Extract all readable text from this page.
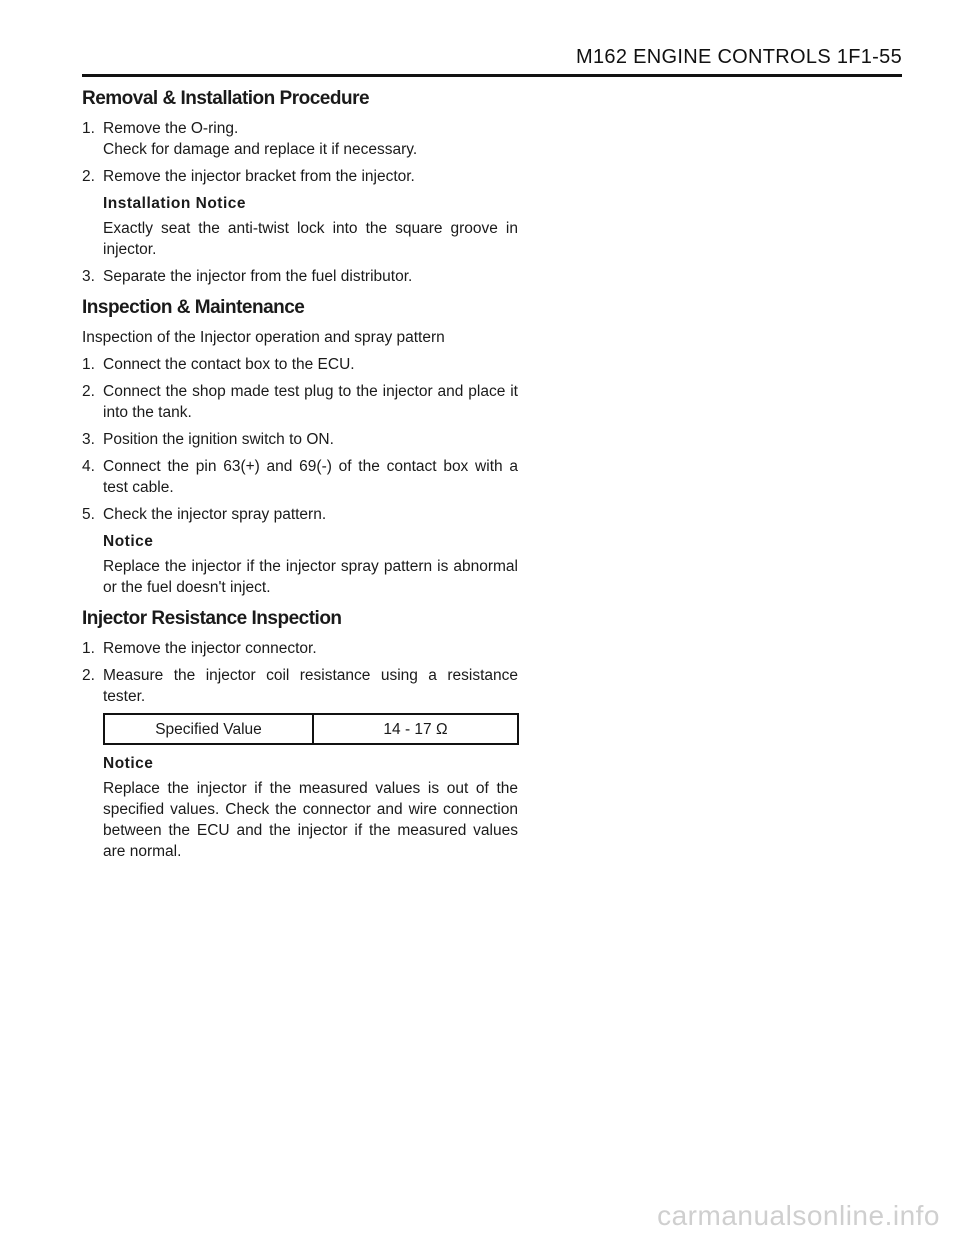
M162 ENGINE CONTROLS 1F1-55
Removal & Installation Procedure
1. Remove the O-ring.
Check for damage and replace it if necessary.
2. Remove the injector bracket from the injector.
Installation Notice
Exactly seat the anti-twist lock into the square groove in injector.
3. Separate the injector from the fuel distributor.
Inspection & Maintenance

Inspection of the Injector operation and spray pattern

1. Connect the contact box to the ECU.
2. Connect the shop made test plug to the injector and place it into the tank.
3. Position the ignition switch to ON.
4. Connect the pin 63(+) and 69(-) of the contact box with a test cable.
5. Check the injector spray pattern.
Notice
Replace the injector if the injector spray pattern is abnormal or the fuel doesn't inject.
Injector Resistance Inspection
1. Remove the injector connector.
2. Measure the injector coil resistance using a resistance tester.
Specified Value	14 - 17 Ω
Notice
Replace the injector if the measured values is out of the specified values. Check the connector and wire connection between the ECU and the injector if the measured values are normal.
carmanualsonline.info
